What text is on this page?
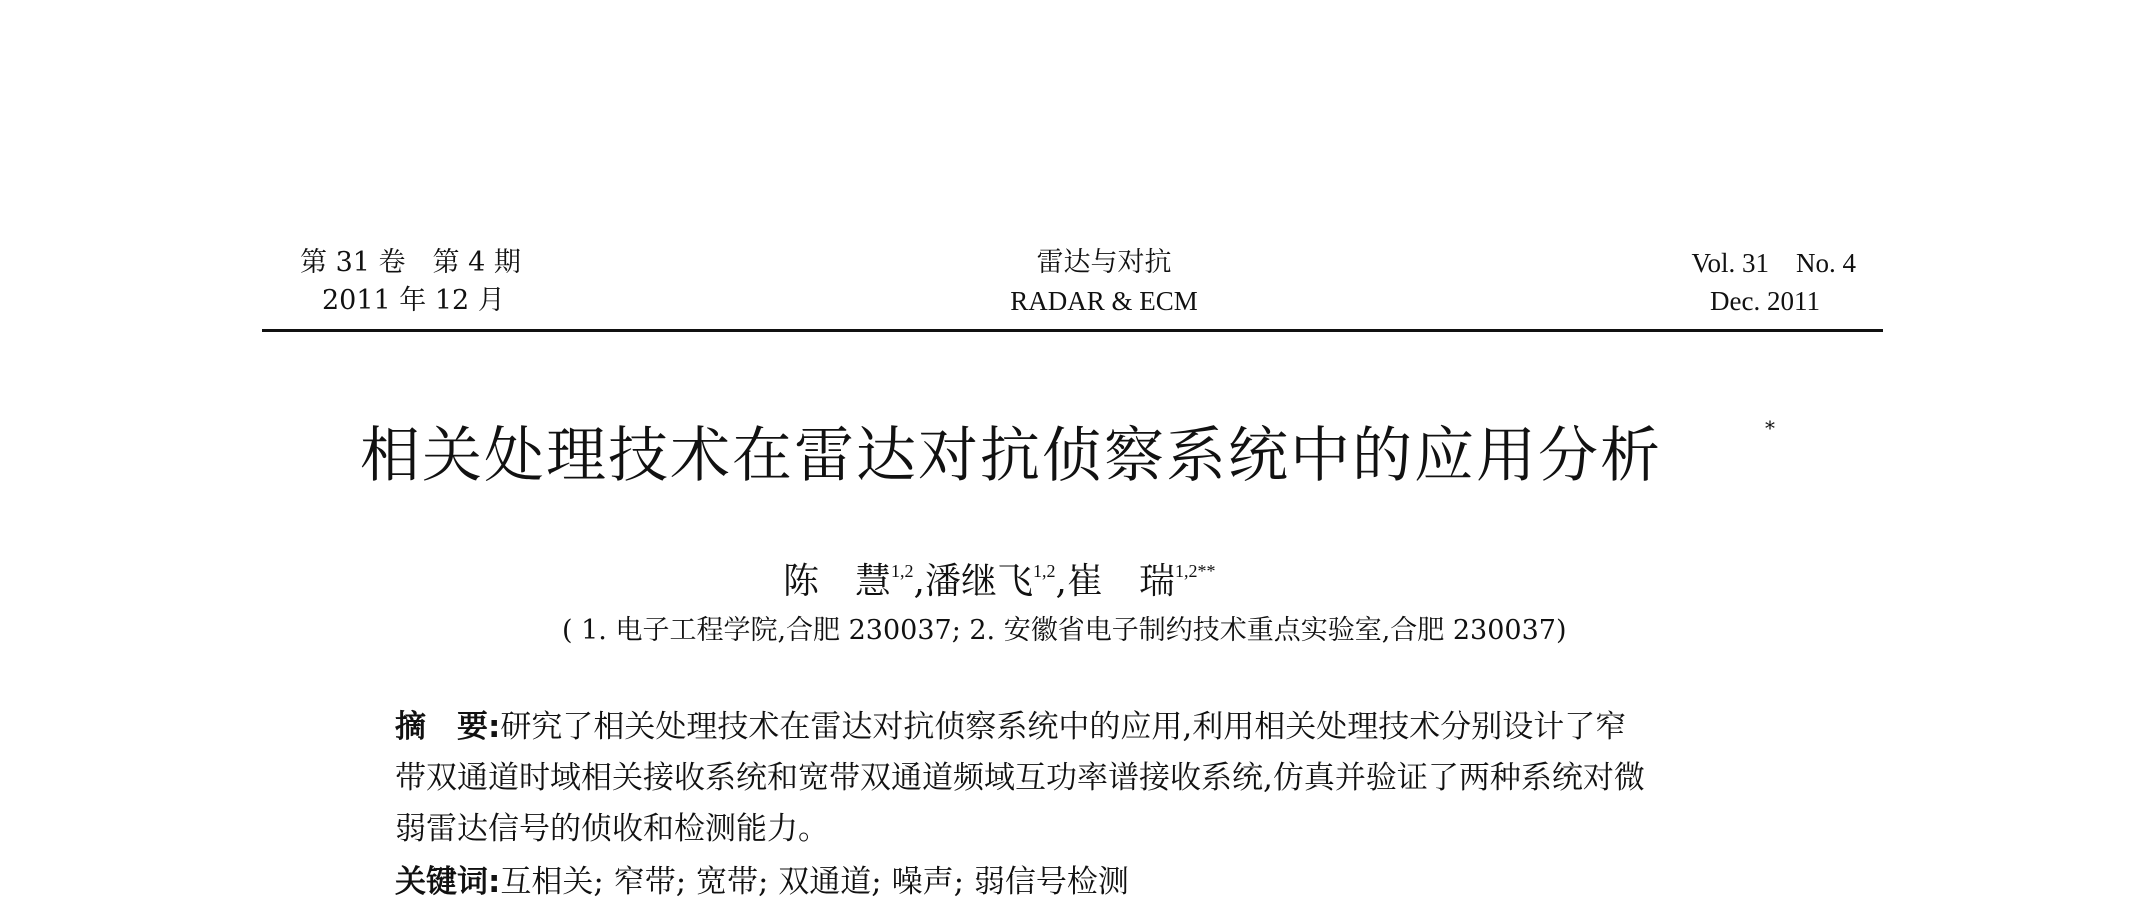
第 31 卷　第 4 期
2011 年 12 月
雷达与对抗
RADAR & ECM
Vol. 31　No. 4
Dec. 2011
相关处理技术在雷达对抗侦察系统中的应用分析	*
陈　慧$^{1,2}$,潘继飞$^{1,2}$,崔　瑞$^{1,2**}$
( 1. 电子工程学院,合肥 230037; 2. 安徽省电子制约技术重点实验室,合肥 230037)
摘　要:研究了相关处理技术在雷达对抗侦察系统中的应用,利用相关处理技术分别设计了窄
带双通道时域相关接收系统和宽带双通道频域互功率谱接收系统,仿真并验证了两种系统对微
弱雷达信号的侦收和检测能力。
关键词:互相关; 窄带; 宽带; 双通道; 噪声; 弱信号检测
